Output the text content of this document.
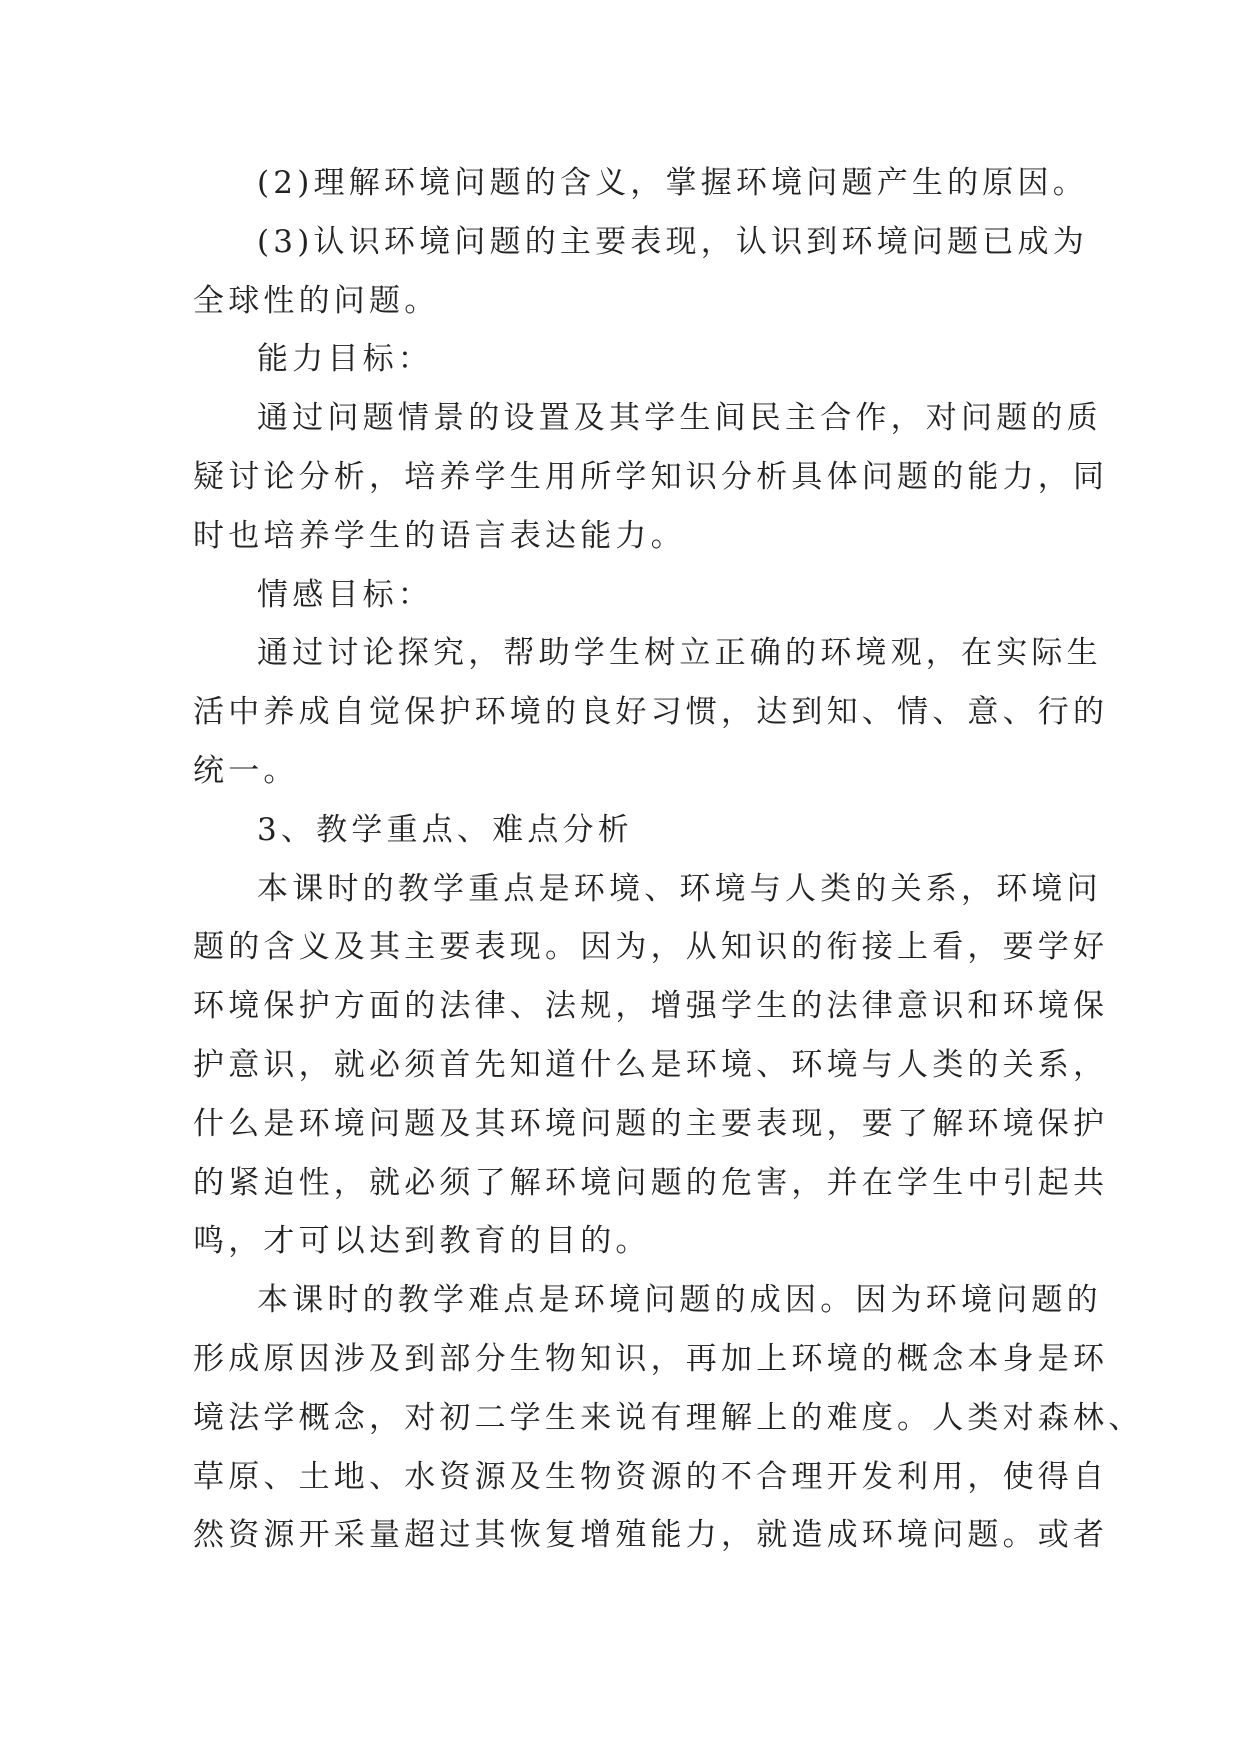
(2)理解环境问题的含义，掌握环境问题产生的原因。

(3)认识环境问题的主要表现，认识到环境问题已成为

全球性的问题。

能力目标：

通过问题情景的设置及其学生间民主合作，对问题的质

疑讨论分析，培养学生用所学知识分析具体问题的能力，同

时也培养学生的语言表达能力。

情感目标：

通过讨论探究，帮助学生树立正确的环境观，在实际生

活中养成自觉保护环境的良好习惯，达到知、情、意、行的

统一。

3、教学重点、难点分析

本课时的教学重点是环境、环境与人类的关系，环境问

题的含义及其主要表现。因为，从知识的衔接上看，要学好

环境保护方面的法律、法规，增强学生的法律意识和环境保

护意识，就必须首先知道什么是环境、环境与人类的关系，

什么是环境问题及其环境问题的主要表现，要了解环境保护

的紧迫性，就必须了解环境问题的危害，并在学生中引起共

鸣，才可以达到教育的目的。

本课时的教学难点是环境问题的成因。因为环境问题的

形成原因涉及到部分生物知识，再加上环境的概念本身是环

境法学概念，对初二学生来说有理解上的难度。人类对森林、

草原、土地、水资源及生物资源的不合理开发利用，使得自

然资源开采量超过其恢复增殖能力，就造成环境问题。或者
